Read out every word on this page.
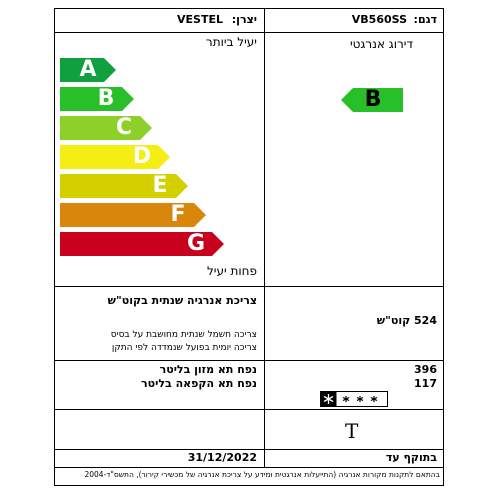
דגם:
VB560SS
יצרן:
VESTEL
יעיל ביותר	דירוג אנרגטי
A
B
C
D
E
F
G
פחות יעיל
B
צריכת אנרגיה שנתית בקוט"ש
צריכה חשמל שנתית מחושבת על בסיס
צריכה יומית בפועל שנמדדה לפי התקן
524 קוט"ש
נפח תא מזון בליטר
נפח תא הקפאה בליטר
396
117
T
בתוקף עד
31/12/2022
בהתאם לתקנות מקורות אנרגיה (התייעלות אנרגטית ומידע על צריכת אנרגיה של מכשירי קירור), התשס"ד-2004
